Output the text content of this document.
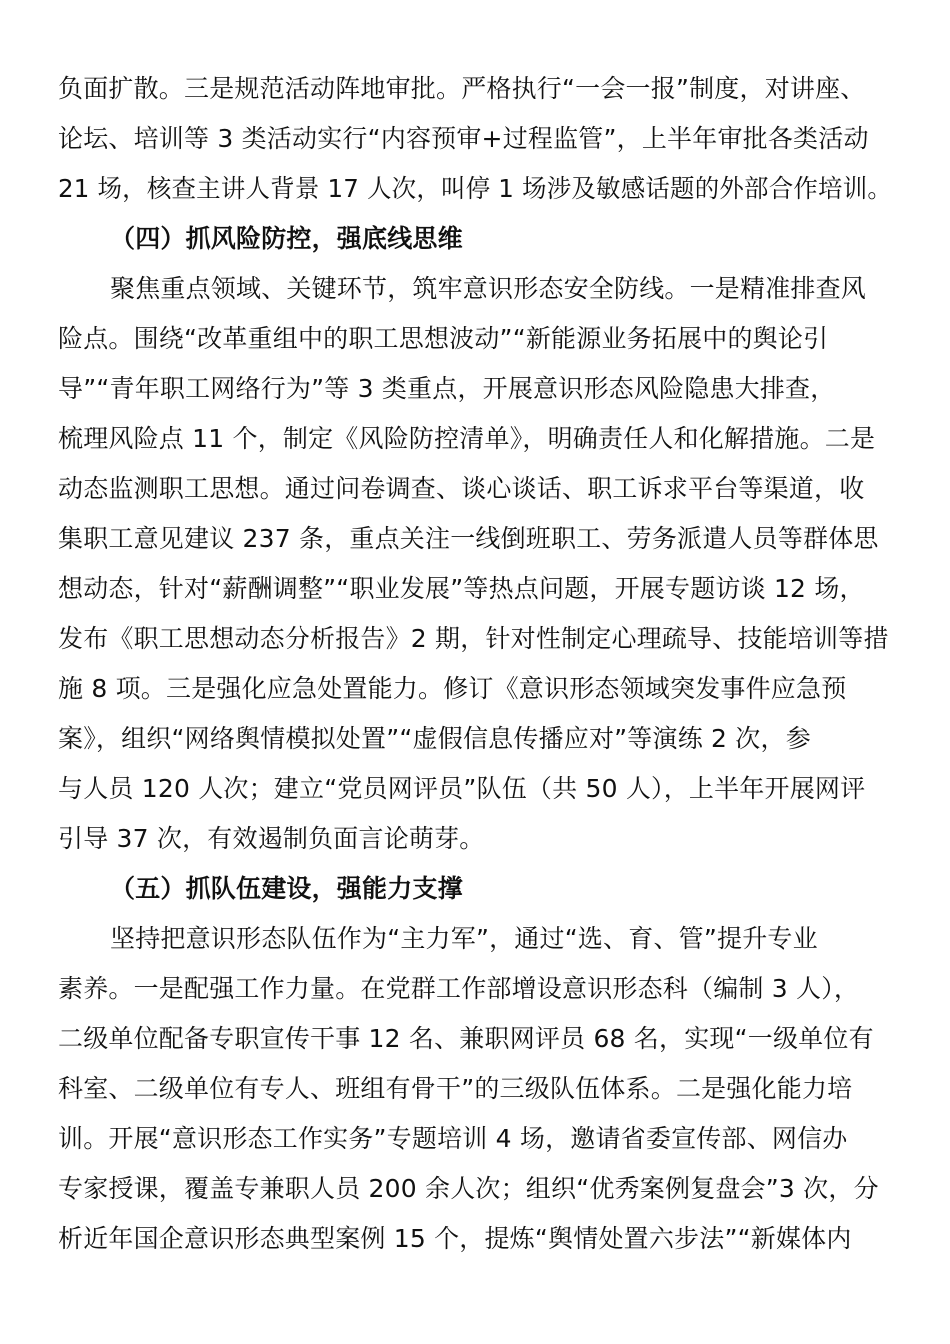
负面扩散。三是规范活动阵地审批。严格执行“一会一报”制度，对讲座、
论坛、培训等 3 类活动实行“内容预审+过程监管”，上半年审批各类活动
21 场，核查主讲人背景 17 人次，叫停 1 场涉及敏感话题的外部合作培训。
（四）抓风险防控，强底线思维
聚焦重点领域、关键环节，筑牢意识形态安全防线。一是精准排查风
险点。围绕“改革重组中的职工思想波动”“新能源业务拓展中的舆论引
导”“青年职工网络行为”等 3 类重点，开展意识形态风险隐患大排查，
梳理风险点 11 个，制定《风险防控清单》，明确责任人和化解措施。二是
动态监测职工思想。通过问卷调查、谈心谈话、职工诉求平台等渠道，收
集职工意见建议 237 条，重点关注一线倒班职工、劳务派遣人员等群体思
想动态，针对“薪酬调整”“职业发展”等热点问题，开展专题访谈 12 场，
发布《职工思想动态分析报告》2 期，针对性制定心理疏导、技能培训等措
施 8 项。三是强化应急处置能力。修订《意识形态领域突发事件应急预
案》，组织“网络舆情模拟处置”“虚假信息传播应对”等演练 2 次，参
与人员 120 人次；建立“党员网评员”队伍（共 50 人），上半年开展网评
引导 37 次，有效遏制负面言论萌芽。
（五）抓队伍建设，强能力支撑
坚持把意识形态队伍作为“主力军”，通过“选、育、管”提升专业
素养。一是配强工作力量。在党群工作部增设意识形态科（编制 3 人），
二级单位配备专职宣传干事 12 名、兼职网评员 68 名，实现“一级单位有
科室、二级单位有专人、班组有骨干”的三级队伍体系。二是强化能力培
训。开展“意识形态工作实务”专题培训 4 场，邀请省委宣传部、网信办
专家授课，覆盖专兼职人员 200 余人次；组织“优秀案例复盘会”3 次，分
析近年国企意识形态典型案例 15 个，提炼“舆情处置六步法”“新媒体内
